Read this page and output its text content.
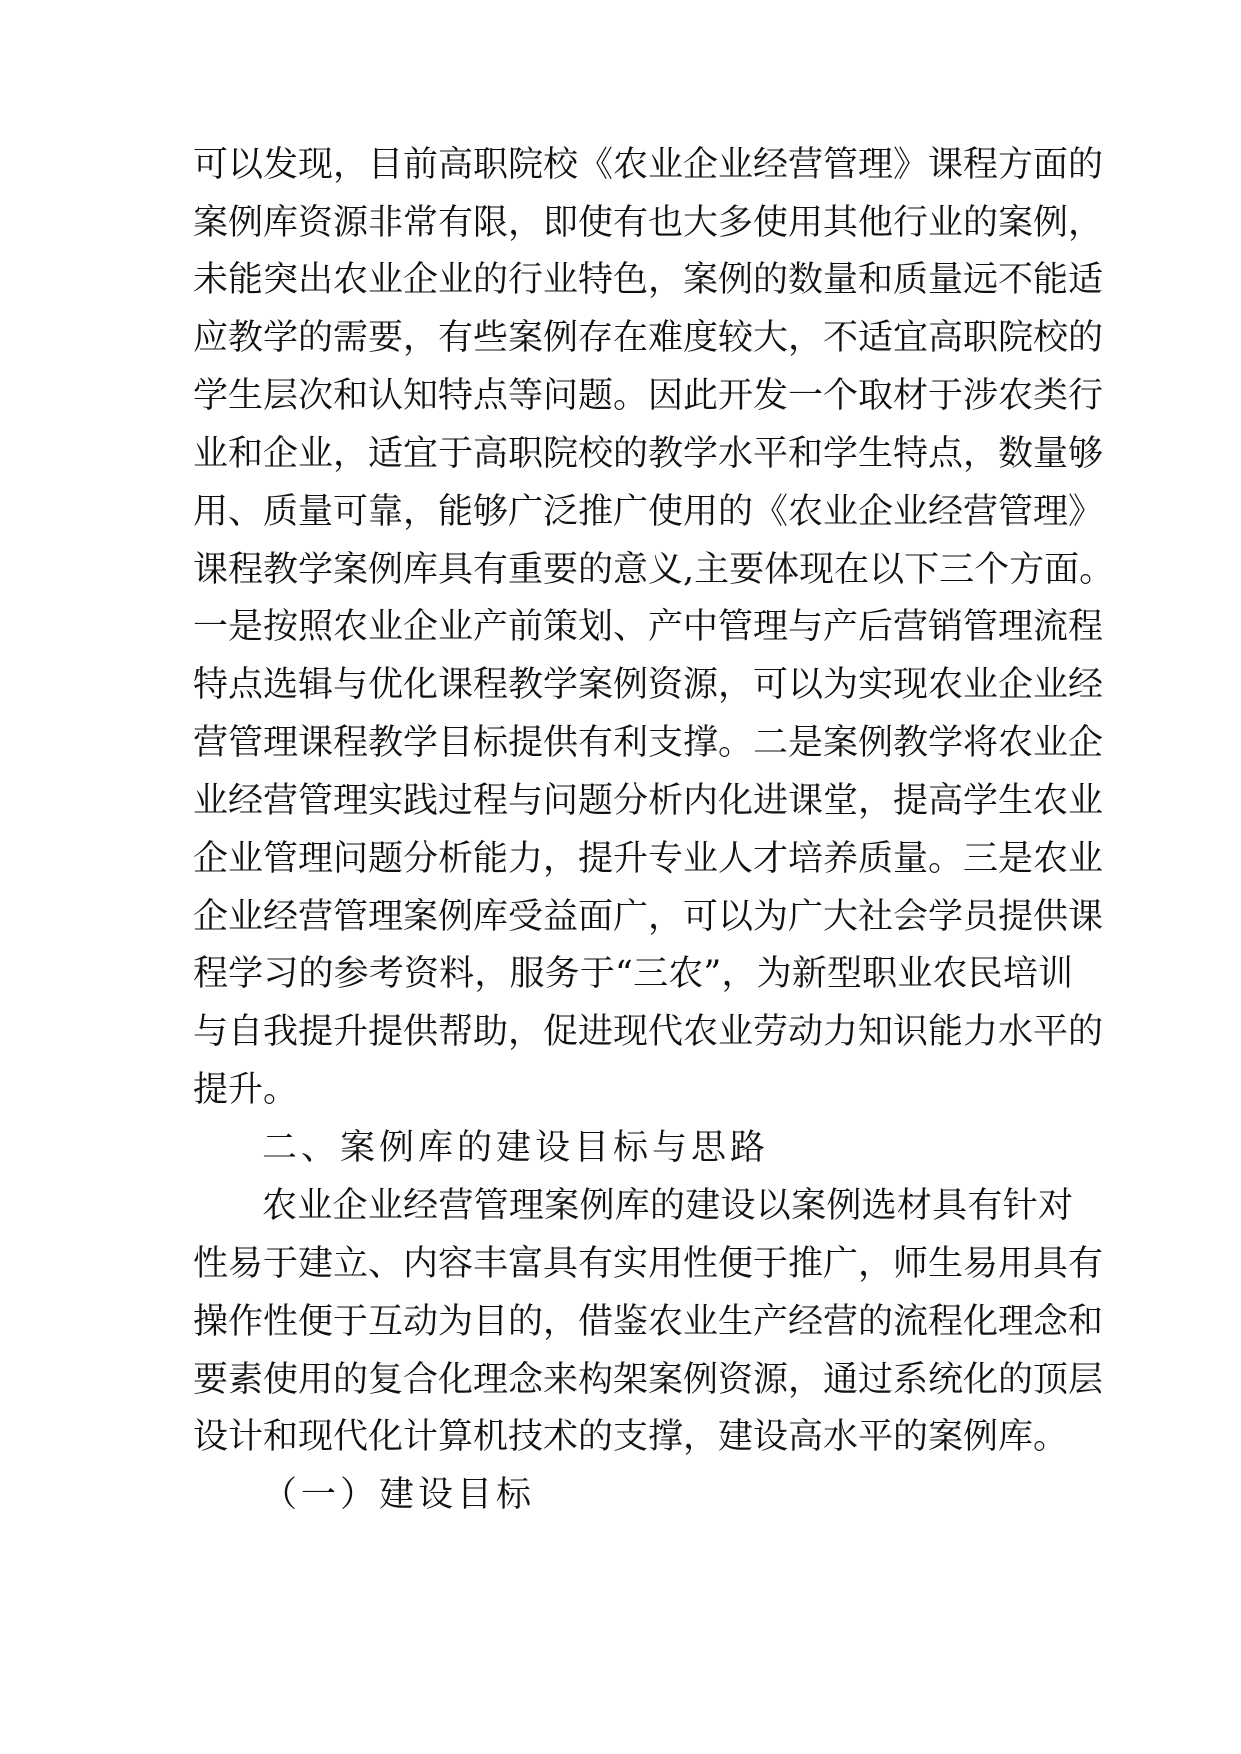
可以发现，目前高职院校《农业企业经营管理》课程方面的
案例库资源非常有限，即使有也大多使用其他行业的案例，
未能突出农业企业的行业特色，案例的数量和质量远不能适
应教学的需要，有些案例存在难度较大，不适宜高职院校的
学生层次和认知特点等问题。因此开发一个取材于涉农类行
业和企业，适宜于高职院校的教学水平和学生特点，数量够
用、质量可靠，能够广泛推广使用的《农业企业经营管理》
课程教学案例库具有重要的意义,主要体现在以下三个方面。
一是按照农业企业产前策划、产中管理与产后营销管理流程
特点选辑与优化课程教学案例资源，可以为实现农业企业经
营管理课程教学目标提供有利支撑。二是案例教学将农业企
业经营管理实践过程与问题分析内化进课堂，提高学生农业
企业管理问题分析能力，提升专业人才培养质量。三是农业
企业经营管理案例库受益面广，可以为广大社会学员提供课
程学习的参考资料，服务于“三农”，为新型职业农民培训
与自我提升提供帮助，促进现代农业劳动力知识能力水平的
提升。
二、案例库的建设目标与思路
农业企业经营管理案例库的建设以案例选材具有针对
性易于建立、内容丰富具有实用性便于推广，师生易用具有
操作性便于互动为目的，借鉴农业生产经营的流程化理念和
要素使用的复合化理念来构架案例资源，通过系统化的顶层
设计和现代化计算机技术的支撑，建设高水平的案例库。
（一）建设目标
